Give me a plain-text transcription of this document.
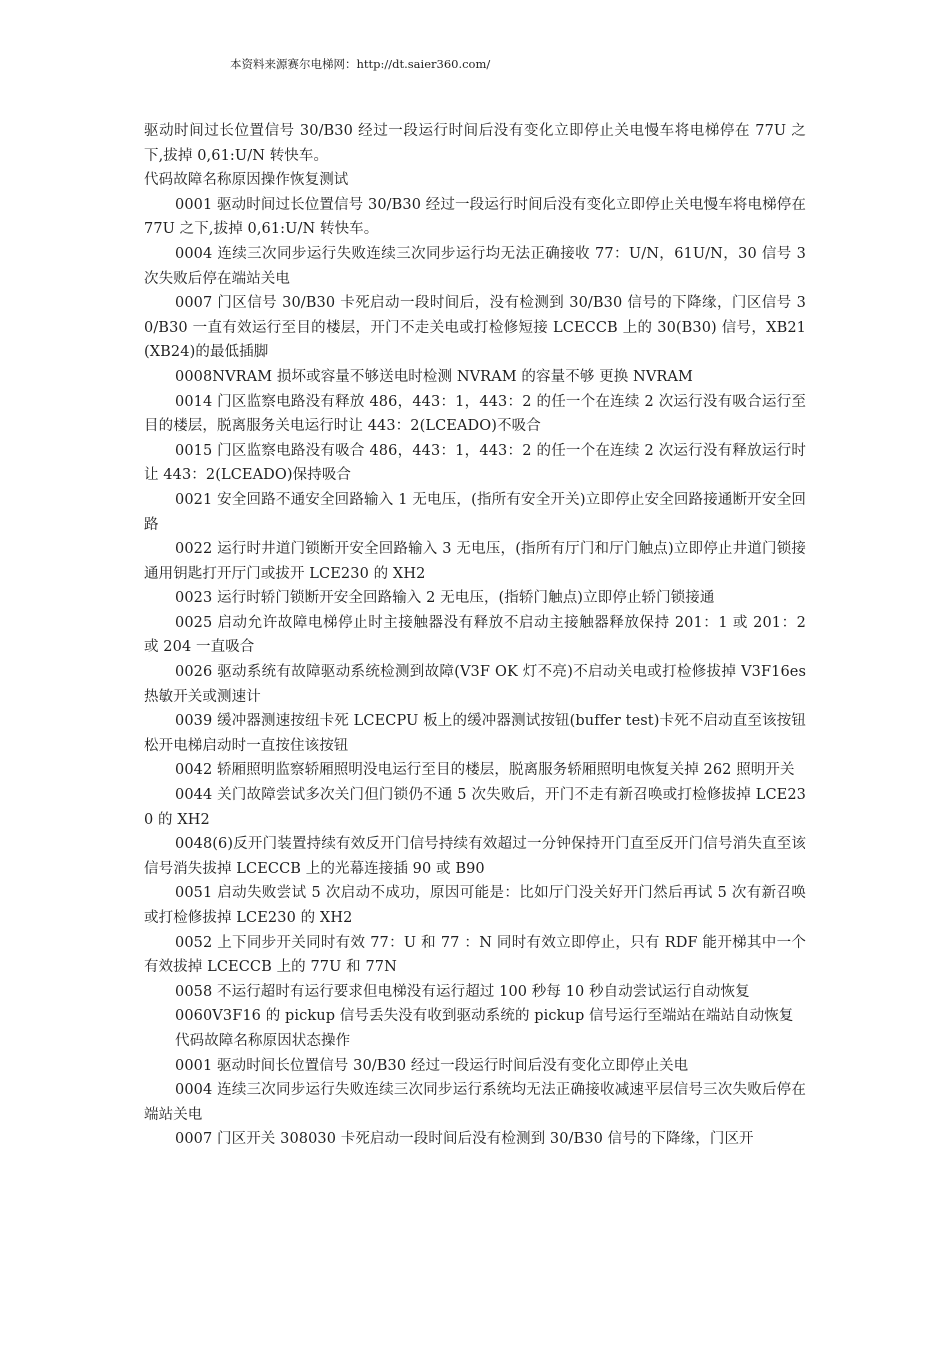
本资料来源赛尔电梯网：http://dt.saier360.com/

驱动时间过长位置信号 30/B30 经过一段运行时间后没有变化立即停止关电慢车将电梯停在 77U 之下,拔掉 0,61:U/N 转快车。

代码故障名称原因操作恢复测试

0001 驱动时间过长位置信号 30/B30 经过一段运行时间后没有变化立即停止关电慢车将电梯停在 77U 之下,拔掉 0,61:U/N 转快车。

0004 连续三次同步运行失败连续三次同步运行均无法正确接收 77：U/N，61U/N，30 信号 3 次失败后停在端站关电

0007 门区信号 30/B30 卡死启动一段时间后，没有检测到 30/B30 信号的下降缘，门区信号 30/B30 一直有效运行至目的楼层，开门不走关电或打检修短接 LCECCB 上的 30(B30) 信号，XB21(XB24)的最低插脚

0008NVRAM 损坏或容量不够送电时检测 NVRAM 的容量不够 更换 NVRAM

0014 门区监察电路没有释放 486，443：1，443：2 的任一个在连续 2 次运行没有吸合运行至目的楼层，脱离服务关电运行时让 443：2(LCEADO)不吸合

0015 门区监察电路没有吸合 486，443：1，443：2 的任一个在连续 2 次运行没有释放运行时让 443：2(LCEADO)保持吸合

0021 安全回路不通安全回路输入 1 无电压，(指所有安全开关)立即停止安全回路接通断开安全回路

0022 运行时井道门锁断开安全回路输入 3 无电压，(指所有厅门和厅门触点)立即停止井道门锁接通用钥匙打开厅门或拔开 LCE230 的 XH2

0023 运行时轿门锁断开安全回路输入 2 无电压，(指轿门触点)立即停止轿门锁接通

0025 启动允许故障电梯停止时主接触器没有释放不启动主接触器释放保持 201：1 或 201：2 或 204 一直吸合

0026 驱动系统有故障驱动系统检测到故障(V3F OK 灯不亮)不启动关电或打检修拔掉 V3F16es 热敏开关或测速计

0039 缓冲器测速按纽卡死 LCECPU 板上的缓冲器测试按钮(buffer test)卡死不启动直至该按钮松开电梯启动时一直按住该按钮

0042 轿厢照明监察轿厢照明没电运行至目的楼层，脱离服务轿厢照明电恢复关掉 262 照明开关

0044 关门故障尝试多次关门但门锁仍不通 5 次失败后，开门不走有新召唤或打检修拔掉 LCE230 的 XH2

0048(6)反开门装置持续有效反开门信号持续有效超过一分钟保持开门直至反开门信号消失直至该信号消失拔掉 LCECCB 上的光幕连接插 90 或 B90

0051 启动失败尝试 5 次启动不成功，原因可能是：比如厅门没关好开门然后再试 5 次有新召唤或打检修拔掉 LCE230 的 XH2

0052 上下同步开关同时有效 77：U 和 77 ：N 同时有效立即停止，只有 RDF 能开梯其中一个有效拔掉 LCECCB 上的 77U 和 77N

0058 不运行超时有运行要求但电梯没有运行超过 100 秒每 10 秒自动尝试运行自动恢复

0060V3F16 的 pickup 信号丢失没有收到驱动系统的 pickup 信号运行至端站在端站自动恢复

代码故障名称原因状态操作

0001 驱动时间长位置信号 30/B30 经过一段运行时间后没有变化立即停止关电

0004 连续三次同步运行失败连续三次同步运行系统均无法正确接收减速平层信号三次失败后停在端站关电

0007 门区开关 308030 卡死启动一段时间后没有检测到 30/B30 信号的下降缘，门区开
